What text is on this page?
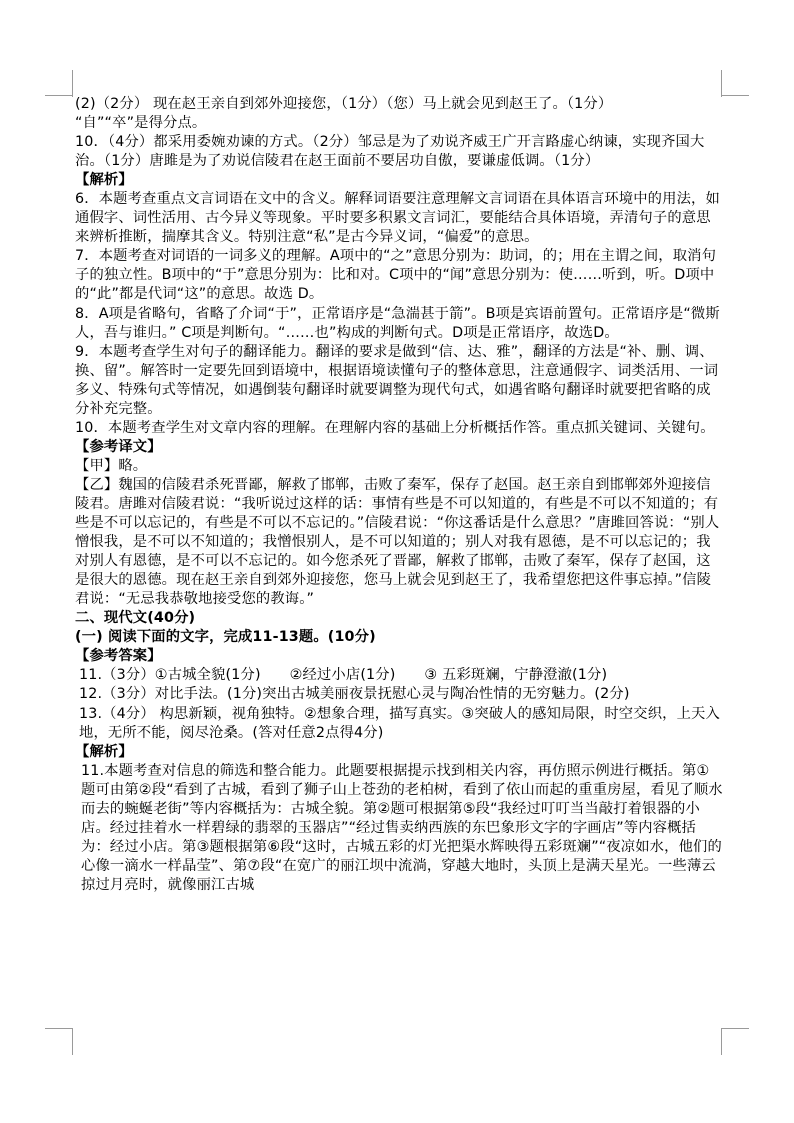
(2)（2分） 现在赵王亲自到郊外迎接您，（1分）（您）马上就会见到赵王了。（1分）

“自”“卒”是得分点。

10．（4分）都采用委婉劝谏的方式。（2分）邹忌是为了劝说齐威王广开言路虚心纳谏，实现齐国大治。（1分）唐雎是为了劝说信陵君在赵王面前不要居功自傲，要谦虚低调。（1分）

【解析】

6．本题考查重点文言词语在文中的含义。解释词语要注意理解文言词语在具体语言环境中的用法，如通假字、词性活用、古今异义等现象。平时要多积累文言词汇，要能结合具体语境，弄清句子的意思来辨析推断，揣摩其含义。特别注意“私”是古今异义词，“偏爱”的意思。

7．本题考查对词语的一词多义的理解。A项中的“之”意思分别为：助词，的；用在主谓之间，取消句子的独立性。B项中的“于”意思分别为：比和对。C项中的“闻”意思分别为：使……听到，听。D项中的“此”都是代词“这”的意思。故选 D。

8．A项是省略句，省略了介词“于”，正常语序是“急湍甚于箭”。B项是宾语前置句。正常语序是“微斯人，吾与谁归。” C项是判断句。“……也”构成的判断句式。D项是正常语序，故选D。

9．本题考查学生对句子的翻译能力。翻译的要求是做到“信、达、雅”，翻译的方法是“补、删、调、换、留”。解答时一定要先回到语境中，根据语境读懂句子的整体意思，注意通假字、词类活用、一词多义、特殊句式等情况，如遇倒装句翻译时就要调整为现代句式，如遇省略句翻译时就要把省略的成分补充完整。

10．本题考查学生对文章内容的理解。在理解内容的基础上分析概括作答。重点抓关键词、关键句。

【参考译文】

【甲】略。

【乙】魏国的信陵君杀死晋鄙，解救了邯郸，击败了秦军，保存了赵国。赵王亲自到邯郸郊外迎接信陵君。唐雎对信陵君说：“我听说过这样的话：事情有些是不可以知道的，有些是不可以不知道的；有些是不可以忘记的，有些是不可以不忘记的。”信陵君说：“你这番话是什么意思？”唐雎回答说：“别人憎恨我，是不可以不知道的；我憎恨别人，是不可以知道的；别人对我有恩德，是不可以忘记的；我对别人有恩德，是不可以不忘记的。如今您杀死了晋鄙，解救了邯郸，击败了秦军，保存了赵国，这是很大的恩德。现在赵王亲自到郊外迎接您，您马上就会见到赵王了，我希望您把这件事忘掉。”信陵君说：“无忌我恭敬地接受您的教诲。”

二、现代文(40分)

(一) 阅读下面的文字，完成11-13题。(10分)

【参考答案】

11.（3分）①古城全貌(1分)　　②经过小店(1分)　　③ 五彩斑斓，宁静澄澈(1分)

12.（3分）对比手法。(1分)突出古城美丽夜景抚慰心灵与陶冶性情的无穷魅力。(2分)

13.（4分） 构思新颖，视角独特。②想象合理，描写真实。③突破人的感知局限，时空交织，上天入地，无所不能，阅尽沧桑。(答对任意2点得4分)

【解析】

11.本题考查对信息的筛选和整合能力。此题要根据提示找到相关内容，再仿照示例进行概括。第①题可由第②段“看到了古城，看到了狮子山上苍劲的老柏树，看到了依山而起的重重房屋，看见了顺水而去的蜿蜒老街”等内容概括为：古城全貌。第②题可根据第⑤段“我经过叮叮当当敲打着银器的小店。经过挂着水一样碧绿的翡翠的玉器店”“经过售卖纳西族的东巴象形文字的字画店”等内容概括为：经过小店。第③题根据第⑥段“这时，古城五彩的灯光把渠水辉映得五彩斑斓”“夜凉如水，他们的心像一滴水一样晶莹”、第⑦段“在宽广的丽江坝中流淌，穿越大地时，头顶上是满天星光。一些薄云掠过月亮时，就像丽江古城
